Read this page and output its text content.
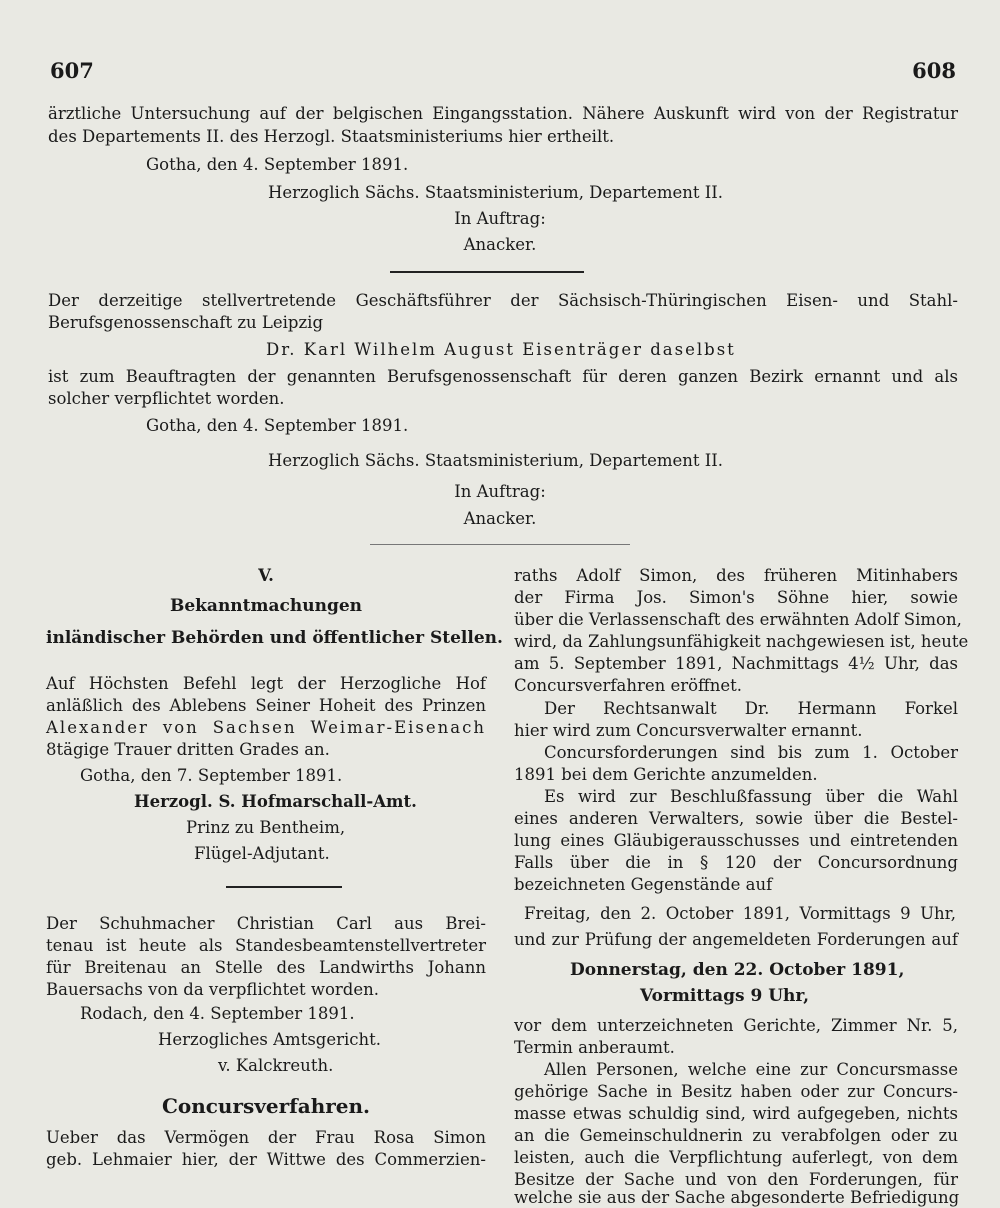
607	608
ärztliche Untersuchung auf der belgischen Eingangsstation. Nähere Auskunft wird von der Registratur
des Departements II. des Herzogl. Staatsministeriums hier ertheilt.
Gotha, den 4. September 1891.
Herzoglich Sächs. Staatsministerium, Departement II.
In Auftrag:
Anacker.
Der derzeitige stellvertretende Geschäftsführer der Sächsisch-Thüringischen Eisen- und Stahl-
Berufsgenossenschaft zu Leipzig
Dr. Karl Wilhelm August Eisenträger daselbst
ist zum Beauftragten der genannten Berufsgenossenschaft für deren ganzen Bezirk ernannt und als
solcher verpflichtet worden.
Gotha, den 4. September 1891.
Herzoglich Sächs. Staatsministerium, Departement II.
In Auftrag:
Anacker.
V.
Bekanntmachungen
inländischer Behörden und öffentlicher Stellen.
Auf Höchsten Befehl legt der Herzogliche Hof
anläßlich des Ablebens Seiner Hoheit des Prinzen
Alexander von Sachsen Weimar-Eisenach
8tägige Trauer dritten Grades an.
Gotha, den 7. September 1891.
Herzogl. S. Hofmarschall-Amt.
Prinz zu Bentheim,
Flügel-Adjutant.
Der Schuhmacher Christian Carl aus Brei-
tenau ist heute als Standesbeamtenstellvertreter
für Breitenau an Stelle des Landwirths Johann
Bauersachs von da verpflichtet worden.
Rodach, den 4. September 1891.
Herzogliches Amtsgericht.
v. Kalckreuth.
Concursverfahren.
Ueber das Vermögen der Frau Rosa Simon
geb. Lehmaier hier, der Wittwe des Commerzien-
raths Adolf Simon, des früheren Mitinhabers
der Firma Jos. Simon's Söhne hier, sowie
über die Verlassenschaft des erwähnten Adolf Simon,
wird, da Zahlungsunfähigkeit nachgewiesen ist, heute
am 5. September 1891, Nachmittags 4½ Uhr, das
Concursverfahren eröffnet.
Der Rechtsanwalt Dr. Hermann Forkel
hier wird zum Concursverwalter ernannt.
Concursforderungen sind bis zum 1. October
1891 bei dem Gerichte anzumelden.
Es wird zur Beschlußfassung über die Wahl
eines anderen Verwalters, sowie über die Bestel-
lung eines Gläubigerausschusses und eintretenden
Falls über die in § 120 der Concursordnung
bezeichneten Gegenstände auf
Freitag, den 2. October 1891, Vormittags 9 Uhr,
und zur Prüfung der angemeldeten Forderungen auf
Donnerstag, den 22. October 1891,
Vormittags 9 Uhr,
vor dem unterzeichneten Gerichte, Zimmer Nr. 5,
Termin anberaumt.
Allen Personen, welche eine zur Concursmasse
gehörige Sache in Besitz haben oder zur Concurs-
masse etwas schuldig sind, wird aufgegeben, nichts
an die Gemeinschuldnerin zu verabfolgen oder zu
leisten, auch die Verpflichtung auferlegt, von dem
Besitze der Sache und von den Forderungen, für
welche sie aus der Sache abgesonderte Befriedigung
